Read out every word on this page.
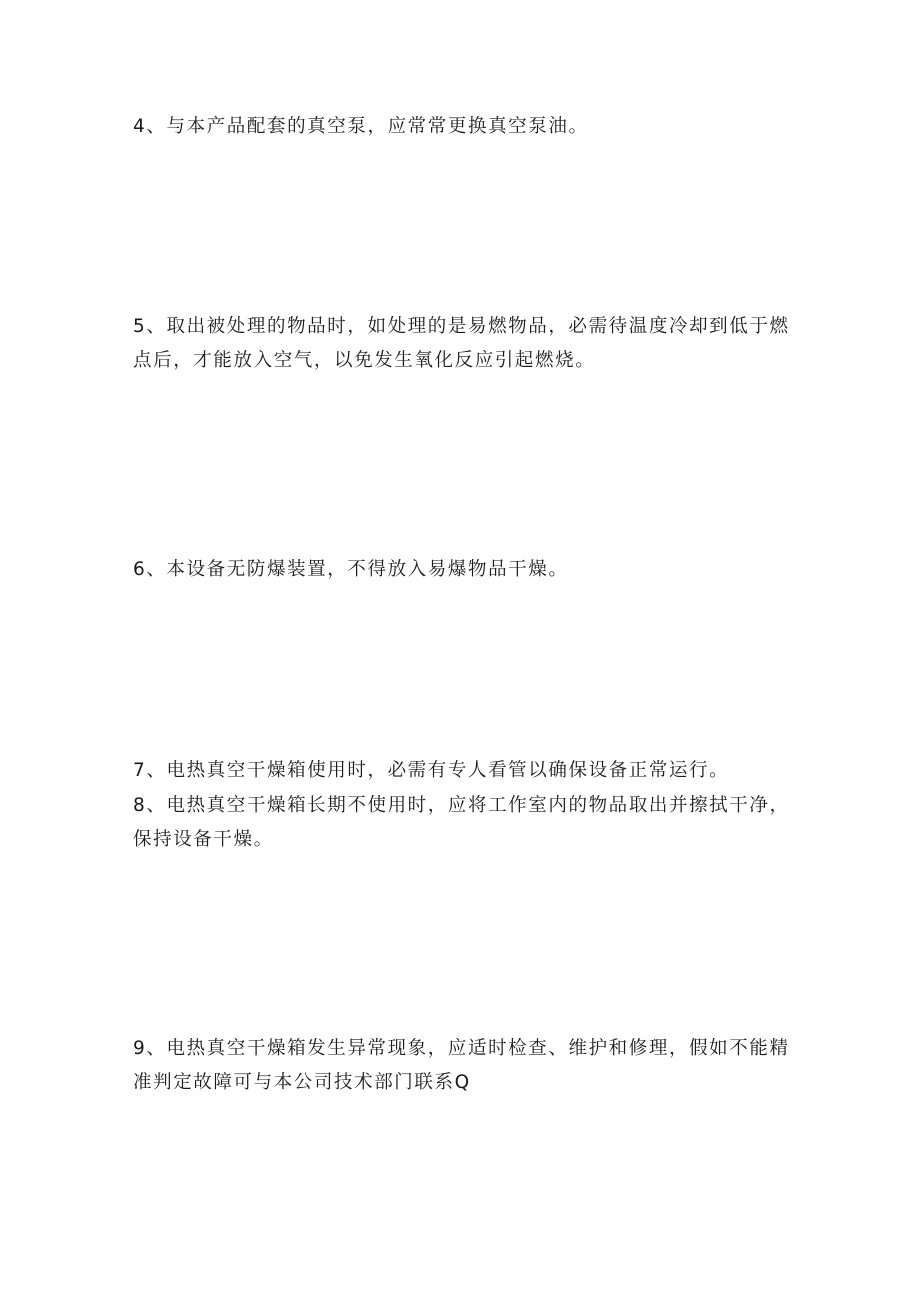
4、与本产品配套的真空泵，应常常更换真空泵油。

5、取出被处理的物品时，如处理的是易燃物品，必需待温度冷却到低于燃
点后，才能放入空气，以免发生氧化反应引起燃烧。

6、本设备无防爆装置，不得放入易爆物品干燥。

7、电热真空干燥箱使用时，必需有专人看管以确保设备正常运行。

8、电热真空干燥箱长期不使用时，应将工作室内的物品取出并擦拭干净，
保持设备干燥。

9、电热真空干燥箱发生异常现象，应适时检查、维护和修理，假如不能精
准判定故障可与本公司技术部门联系Q
